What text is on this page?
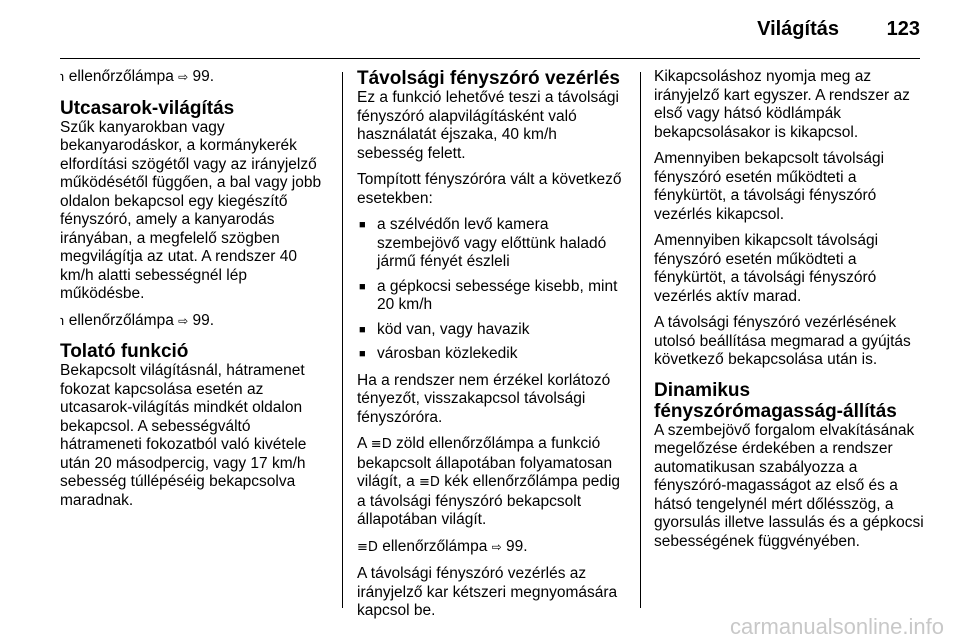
Világítás 123

℩ ellenőrzőlámpa ⇨ 99.

Utcasarok-világítás

Szűk kanyarokban vagy bekanyarodáskor, a kormánykerék elfordítási szögétől vagy az irányjelző működésétől függően, a bal vagy jobb oldalon bekapcsol egy kiegészítő fényszóró, amely a kanyarodás irányában, a megfelelő szögben megvilágítja az utat. A rendszer 40 km/h alatti sebességnél lép működésbe.

℩ ellenőrzőlámpa ⇨ 99.

Tolató funkció

Bekapcsolt világításnál, hátramenet fokozat kapcsolása esetén az utcasarok-világítás mindkét oldalon bekapcsol. A sebességváltó hátrameneti fokozatból való kivétele után 20 másodpercig, vagy 17 km/h sebesség túllépéséig bekapcsolva maradnak.

Távolsági fényszóró vezérlés

Ez a funkció lehetővé teszi a távolsági fényszóró alapvilágításként való használatát éjszaka, 40 km/h sebesség felett.

Tompított fényszóróra vált a következő esetekben:

■ a szélvédőn levő kamera szembejövő vagy előttünk haladó jármű fényét észleli
■ a gépkocsi sebessége kisebb, mint 20 km/h
■ köd van, vagy havazik
■ városban közlekedik

Ha a rendszer nem érzékel korlátozó tényezőt, visszakapcsol távolsági fényszóróra.

A ≡D zöld ellenőrzőlámpa a funkció bekapcsolt állapotában folyamatosan világít, a ≡D kék ellenőrzőlámpa pedig a távolsági fényszóró bekapcsolt állapotában világít.

≡D ellenőrzőlámpa ⇨ 99.

A távolsági fényszóró vezérlés az irányjelző kar kétszeri megnyomására kapcsol be.

Kikapcsoláshoz nyomja meg az irányjelző kart egyszer. A rendszer az első vagy hátsó ködlámpák bekapcsolásakor is kikapcsol.

Amennyiben bekapcsolt távolsági fényszóró esetén működteti a fénykürtöt, a távolsági fényszóró vezérlés kikapcsol.

Amennyiben kikapcsolt távolsági fényszóró esetén működteti a fénykürtöt, a távolsági fényszóró vezérlés aktív marad.

A távolsági fényszóró vezérlésének utolsó beállítása megmarad a gyújtás következő bekapcsolása után is.

Dinamikus
fényszórómagasság-állítás

A szembejövő forgalom elvakításának megelőzése érdekében a rendszer automatikusan szabályozza a fényszóró-magasságot az első és a hátsó tengelynél mért dőlésszög, a gyorsulás illetve lassulás és a gépkocsi sebességének függvényében.

carmanualsonline.info
